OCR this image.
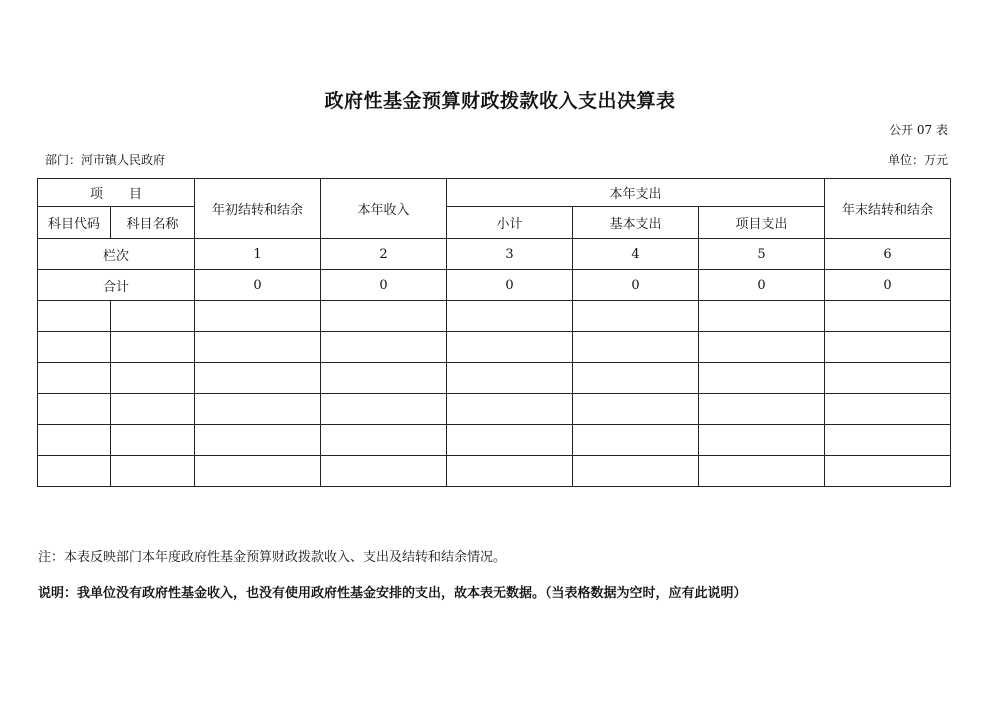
政府性基金预算财政拨款收入支出决算表
公开 07 表
部门：河市镇人民政府	单位：万元
项　　目		年初结转和结余	本年收入	本年支出			年末结转和结余
科目代码	科目名称			小计	基本支出	项目支出	

栏次		1	2	3	4	5	6
合计		0	0	0	0	0	0

注：本表反映部门本年度政府性基金预算财政拨款收入、支出及结转和结余情况。
说明：我单位没有政府性基金收入，也没有使用政府性基金安排的支出，故本表无数据。（当表格数据为空时，应有此说明）
